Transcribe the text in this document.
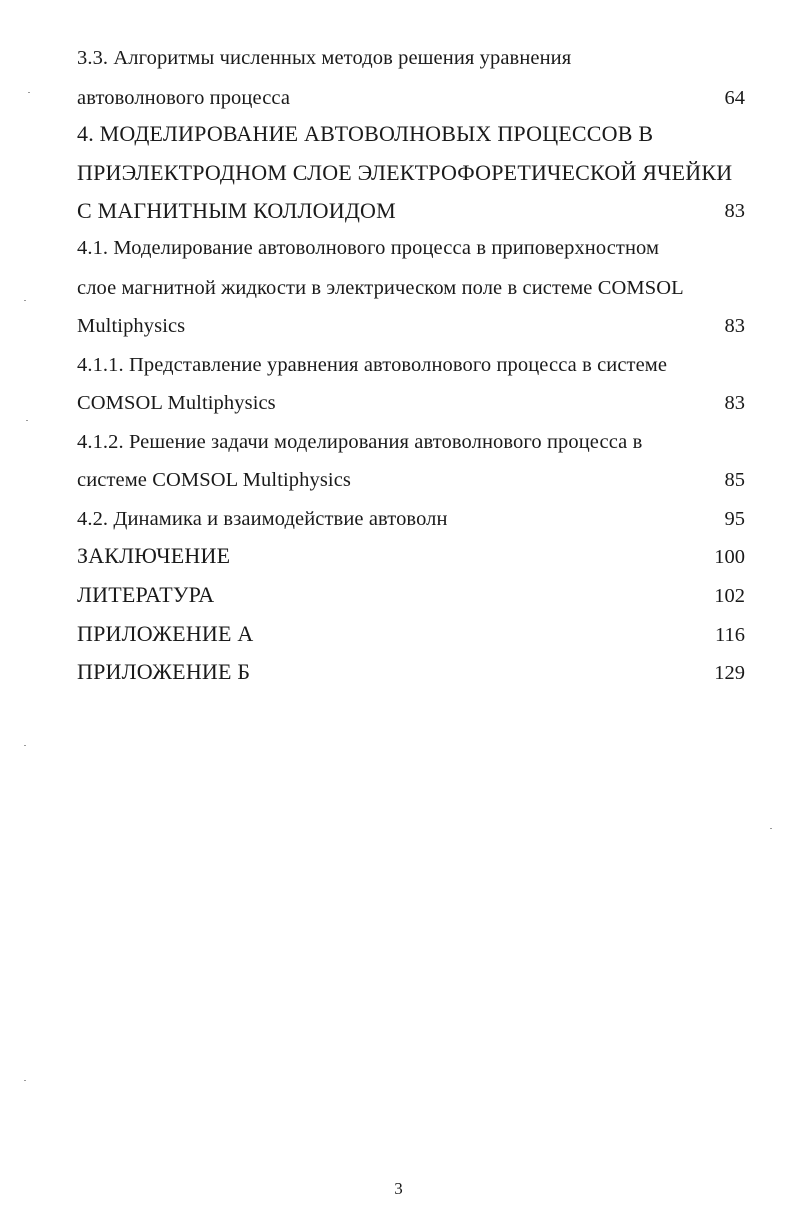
3.3. Алгоритмы численных методов решения уравнения
автоволнового процесса	64
4. МОДЕЛИРОВАНИЕ АВТОВОЛНОВЫХ ПРОЦЕССОВ В
ПРИЭЛЕКТРОДНОМ СЛОЕ ЭЛЕКТРОФОРЕТИЧЕСКОЙ ЯЧЕЙКИ
С МАГНИТНЫМ КОЛЛОИДОМ	83
4.1. Моделирование автоволнового процесса в приповерхностном
слое магнитной жидкости в электрическом поле в системе COMSOL
Multiphysics	83
4.1.1. Представление уравнения автоволнового процесса в системе
COMSOL Multiphysics	83
4.1.2. Решение задачи моделирования автоволнового процесса в
системе COMSOL Multiphysics	85
4.2. Динамика и взаимодействие автоволн	95
ЗАКЛЮЧЕНИЕ	100
ЛИТЕРАТУРА	102
ПРИЛОЖЕНИЕ А	116
ПРИЛОЖЕНИЕ Б	129
3
